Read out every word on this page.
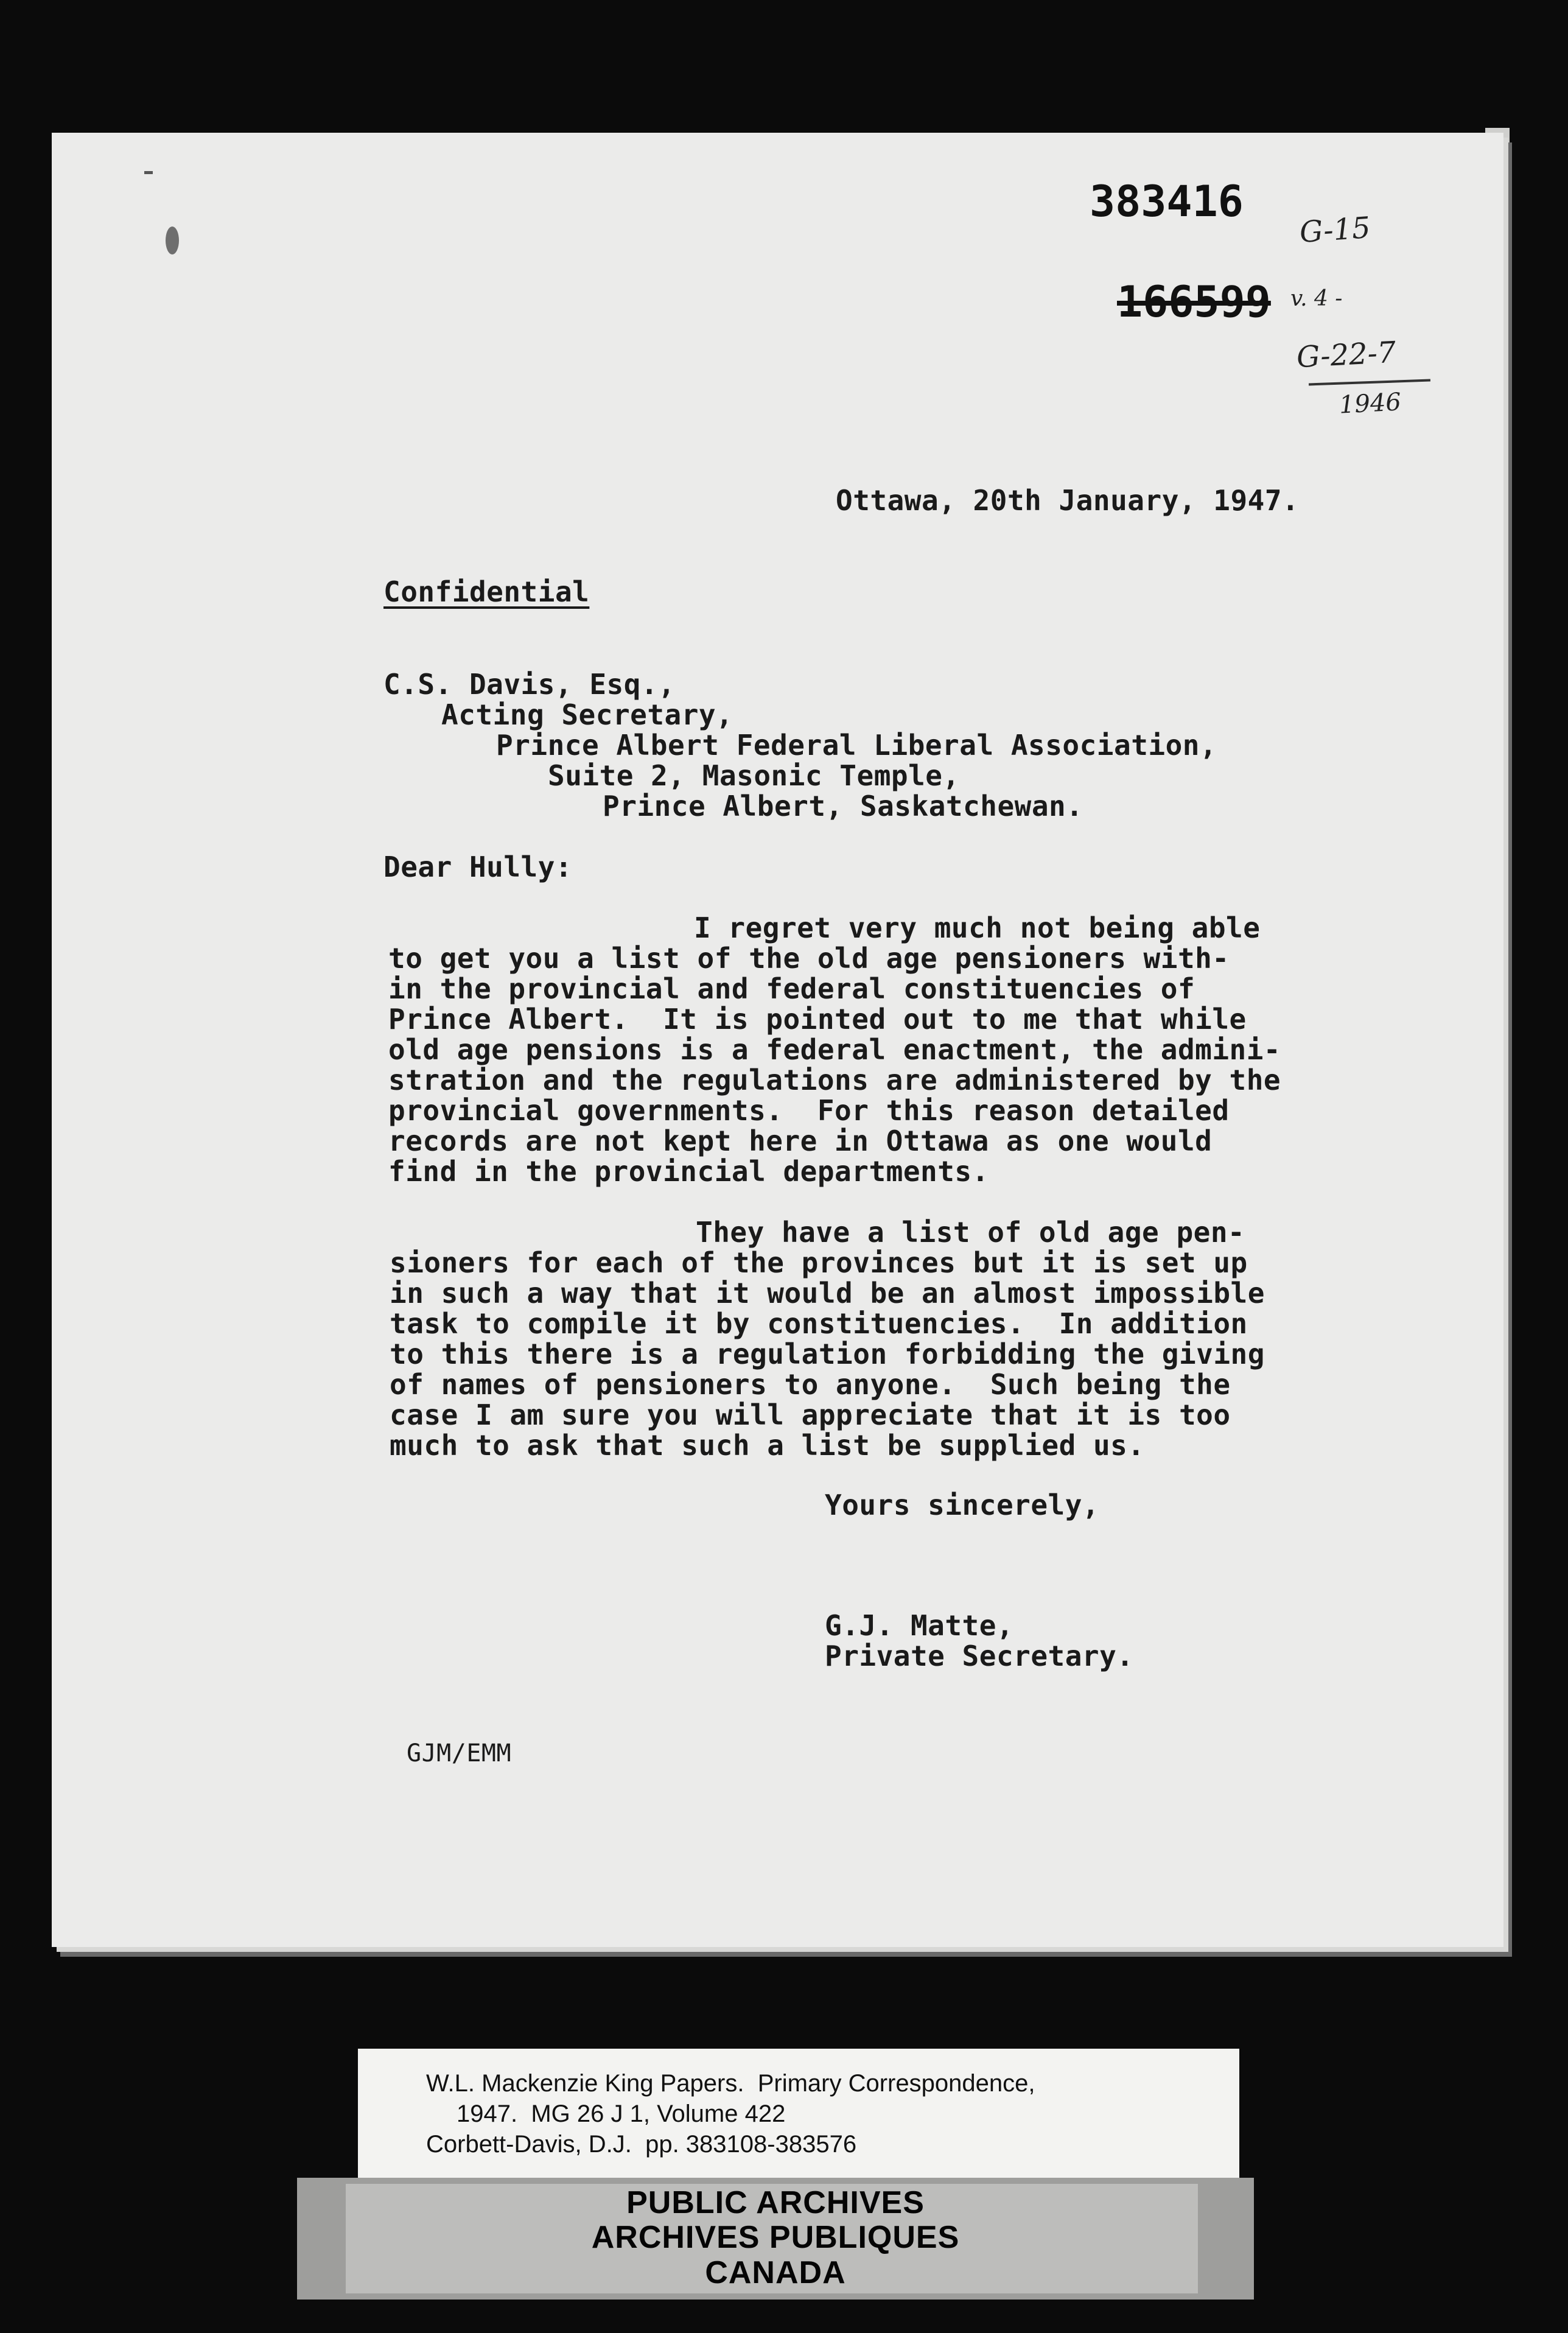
383416
166599
G-15
v. 4 -
G-22-7
1946
Ottawa, 20th January, 1947.
Confidential
C.S. Davis, Esq.,
Acting Secretary,
Prince Albert Federal Liberal Association,
Suite 2, Masonic Temple,
Prince Albert, Saskatchewan.
Dear Hully:
I regret very much not being able
to get you a list of the old age pensioners with-
in the provincial and federal constituencies of
Prince Albert.  It is pointed out to me that while
old age pensions is a federal enactment, the admini-
stration and the regulations are administered by the
provincial governments.  For this reason detailed
records are not kept here in Ottawa as one would
find in the provincial departments.
They have a list of old age pen-
sioners for each of the provinces but it is set up
in such a way that it would be an almost impossible
task to compile it by constituencies.  In addition
to this there is a regulation forbidding the giving
of names of pensioners to anyone.  Such being the
case I am sure you will appreciate that it is too
much to ask that such a list be supplied us.
Yours sincerely,
G.J. Matte,
Private Secretary.
GJM/EMM
W.L. Mackenzie King Papers.  Primary Correspondence,
1947.  MG 26 J 1, Volume 422
Corbett-Davis, D.J.  pp. 383108-383576
PUBLIC ARCHIVES
ARCHIVES PUBLIQUES
CANADA
